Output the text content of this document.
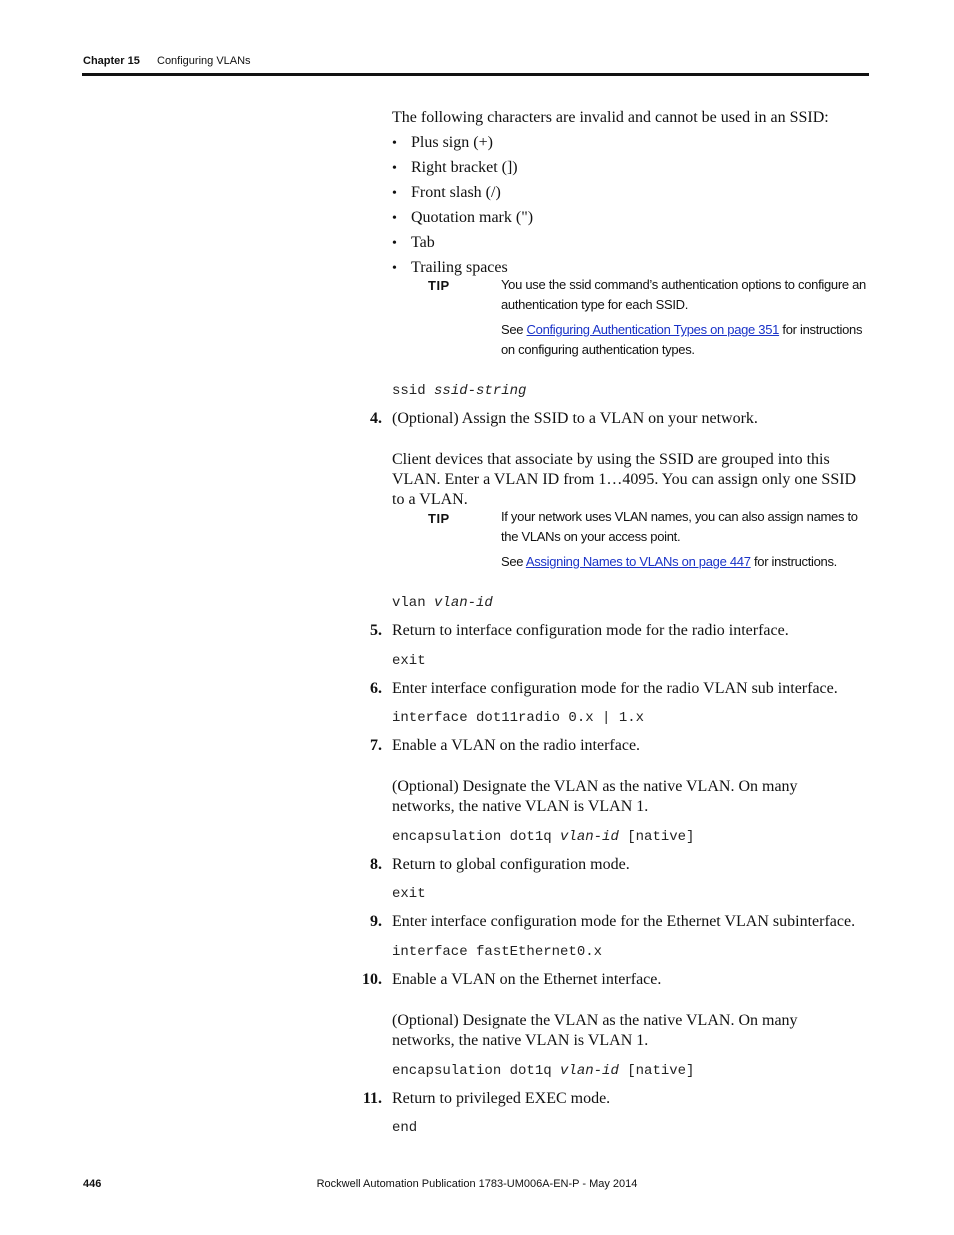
Chapter 15 Configuring VLANs
The following characters are invalid and cannot be used in an SSID:
• Plus sign (+)
• Right bracket (])
• Front slash (/)
• Quotation mark (")
• Tab
• Trailing spaces
TIP	You use the ssid command’s authentication options to configure an authentication type for each SSID.
See Configuring Authentication Types on page 351 for instructions on configuring authentication types.
ssid ssid-string
4. (Optional) Assign the SSID to a VLAN on your network.
Client devices that associate by using the SSID are grouped into this VLAN. Enter a VLAN ID from 1…4095. You can assign only one SSID to a VLAN.
TIP	If your network uses VLAN names, you can also assign names to the VLANs on your access point.
See Assigning Names to VLANs on page 447 for instructions.
vlan vlan-id
5. Return to interface configuration mode for the radio interface.
exit
6. Enter interface configuration mode for the radio VLAN sub interface.
interface dot11radio 0.x | 1.x
7. Enable a VLAN on the radio interface.
(Optional) Designate the VLAN as the native VLAN. On many networks, the native VLAN is VLAN 1.
encapsulation dot1q vlan-id [native]
8. Return to global configuration mode.
exit
9. Enter interface configuration mode for the Ethernet VLAN subinterface.
interface fastEthernet0.x
10. Enable a VLAN on the Ethernet interface.
(Optional) Designate the VLAN as the native VLAN. On many networks, the native VLAN is VLAN 1.
encapsulation dot1q vlan-id [native]
11. Return to privileged EXEC mode.
end
446	Rockwell Automation Publication 1783-UM006A-EN-P - May 2014
